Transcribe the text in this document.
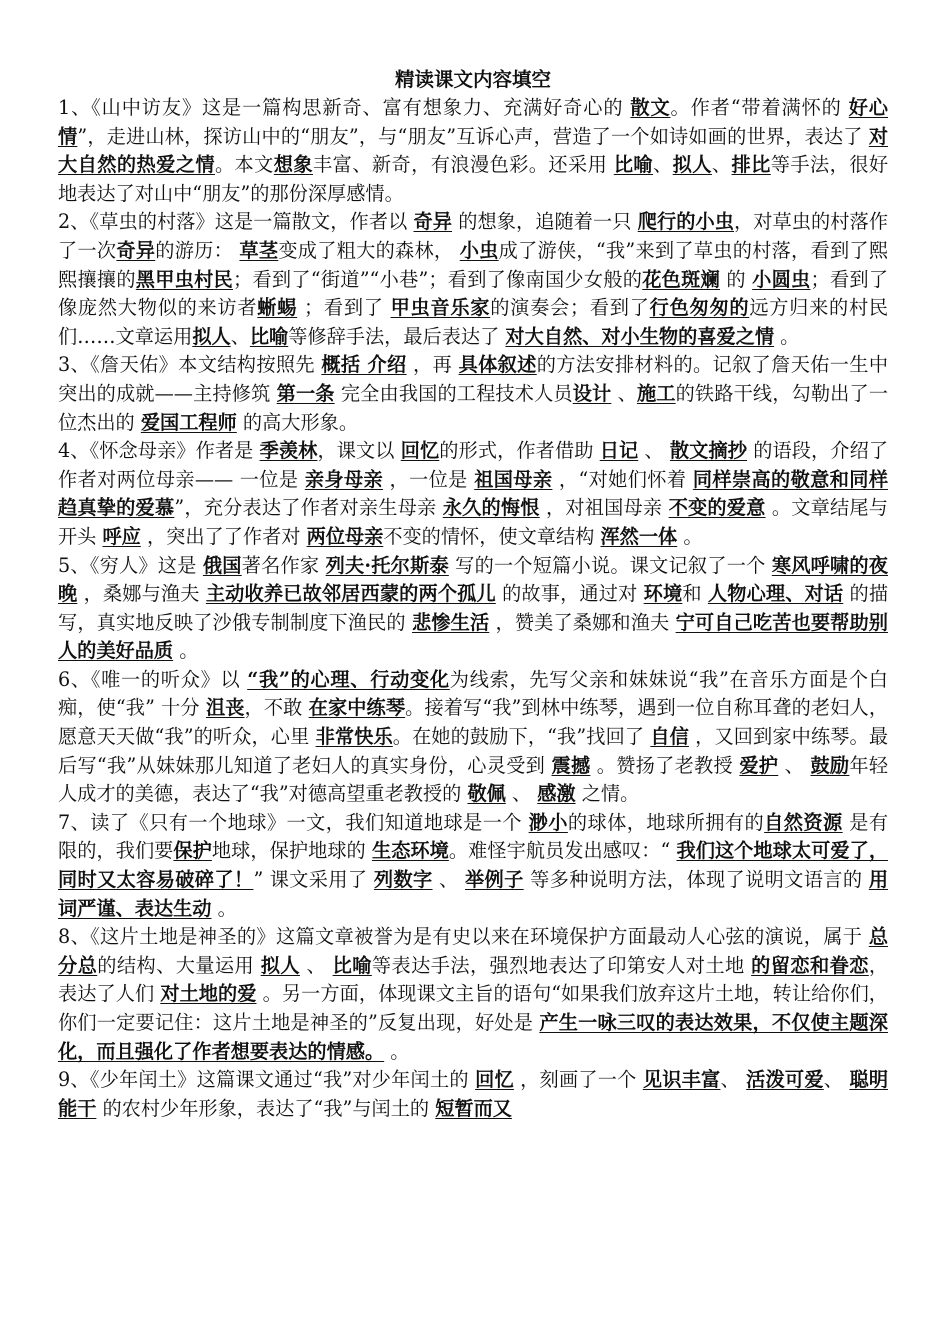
精读课文内容填空

1、《山中访友》这是一篇构思新奇、富有想象力、充满好奇心的 散文。作者“带着满怀的 好心情”，走进山林，探访山中的“朋友”，与“朋友”互诉心声，营造了一个如诗如画的世界，表达了 对大自然的热爱之情。本文想象丰富、新奇，有浪漫色彩。还采用 比喻、拟人、排比等手法，很好地表达了对山中“朋友”的那份深厚感情。

2、《草虫的村落》这是一篇散文，作者以 奇异 的想象，追随着一只 爬行的小虫，对草虫的村落作了一次奇异的游历： 草茎变成了粗大的森林， 小虫成了游侠，“我”来到了草虫的村落，看到了熙熙攘攘的黑甲虫村民；看到了“街道”“小巷”；看到了像南国少女般的花色斑斓 的 小圆虫；看到了像庞然大物似的来访者蜥蜴 ；看到了 甲虫音乐家的演奏会；看到了行色匆匆的远方归来的村民们……文章运用拟人、比喻等修辞手法，最后表达了 对大自然、对小生物的喜爱之情 。

3、《詹天佑》本文结构按照先 概括 介绍 ，再 具体叙述的方法安排材料的。记叙了詹天佑一生中突出的成就——主持修筑 第一条 完全由我国的工程技术人员设计 、施工的铁路干线，勾勒出了一位杰出的 爱国工程师 的高大形象。

4、《怀念母亲》作者是 季羡林，课文以 回忆的形式，作者借助 日记 、 散文摘抄 的语段，介绍了作者对两位母亲—— 一位是 亲身母亲 ，一位是 祖国母亲 ，“对她们怀着 同样崇高的敬意和同样趋真挚的爱慕”，充分表达了作者对亲生母亲 永久的悔恨 ，对祖国母亲 不变的爱意 。文章结尾与开头 呼应 ，突出了了作者对 两位母亲不变的情怀，使文章结构 浑然一体 。

5、《穷人》这是 俄国著名作家 列夫·托尔斯泰 写的一个短篇小说。课文记叙了一个 寒风呼啸的夜晚 ，桑娜与渔夫 主动收养已故邻居西蒙的两个孤儿 的故事，通过对 环境和 人物心理、对话 的描写，真实地反映了沙俄专制制度下渔民的 悲惨生活 ，赞美了桑娜和渔夫 宁可自己吃苦也要帮助别人的美好品质 。

6、《唯一的听众》以 “我”的心理、行动变化为线索，先写父亲和妹妹说“我”在音乐方面是个白痴，使“我” 十分 沮丧，不敢 在家中练琴。接着写“我”到林中练琴，遇到一位自称耳聋的老妇人，愿意天天做“我”的听众，心里 非常快乐。在她的鼓励下，“我”找回了 自信 ，又回到家中练琴。最后写“我”从妹妹那儿知道了老妇人的真实身份，心灵受到 震撼 。赞扬了老教授 爱护 、 鼓励年轻人成才的美德，表达了“我”对德高望重老教授的 敬佩 、 感激 之情。

7、读了《只有一个地球》一文，我们知道地球是一个 渺小的球体，地球所拥有的自然资源 是有限的，我们要保护地球，保护地球的 生态环境。难怪宇航员发出感叹：“ 我们这个地球太可爱了，同时又太容易破碎了！” 课文采用了 列数字 、 举例子 等多种说明方法，体现了说明文语言的 用词严谨、表达生动 。

8、《这片土地是神圣的》这篇文章被誉为是有史以来在环境保护方面最动人心弦的演说，属于 总分总的结构、大量运用 拟人 、 比喻等表达手法，强烈地表达了印第安人对土地 的留恋和眷恋，表达了人们 对土地的爱 。另一方面，体现课文主旨的语句“如果我们放弃这片土地，转让给你们，你们一定要记住：这片土地是神圣的”反复出现，好处是 产生一咏三叹的表达效果，不仅使主题深化，而且强化了作者想要表达的情感。 。

9、《少年闰土》这篇课文通过“我”对少年闰土的 回忆 ，刻画了一个 见识丰富、 活泼可爱、 聪明能干 的农村少年形象，表达了“我”与闰土的 短暂而又
